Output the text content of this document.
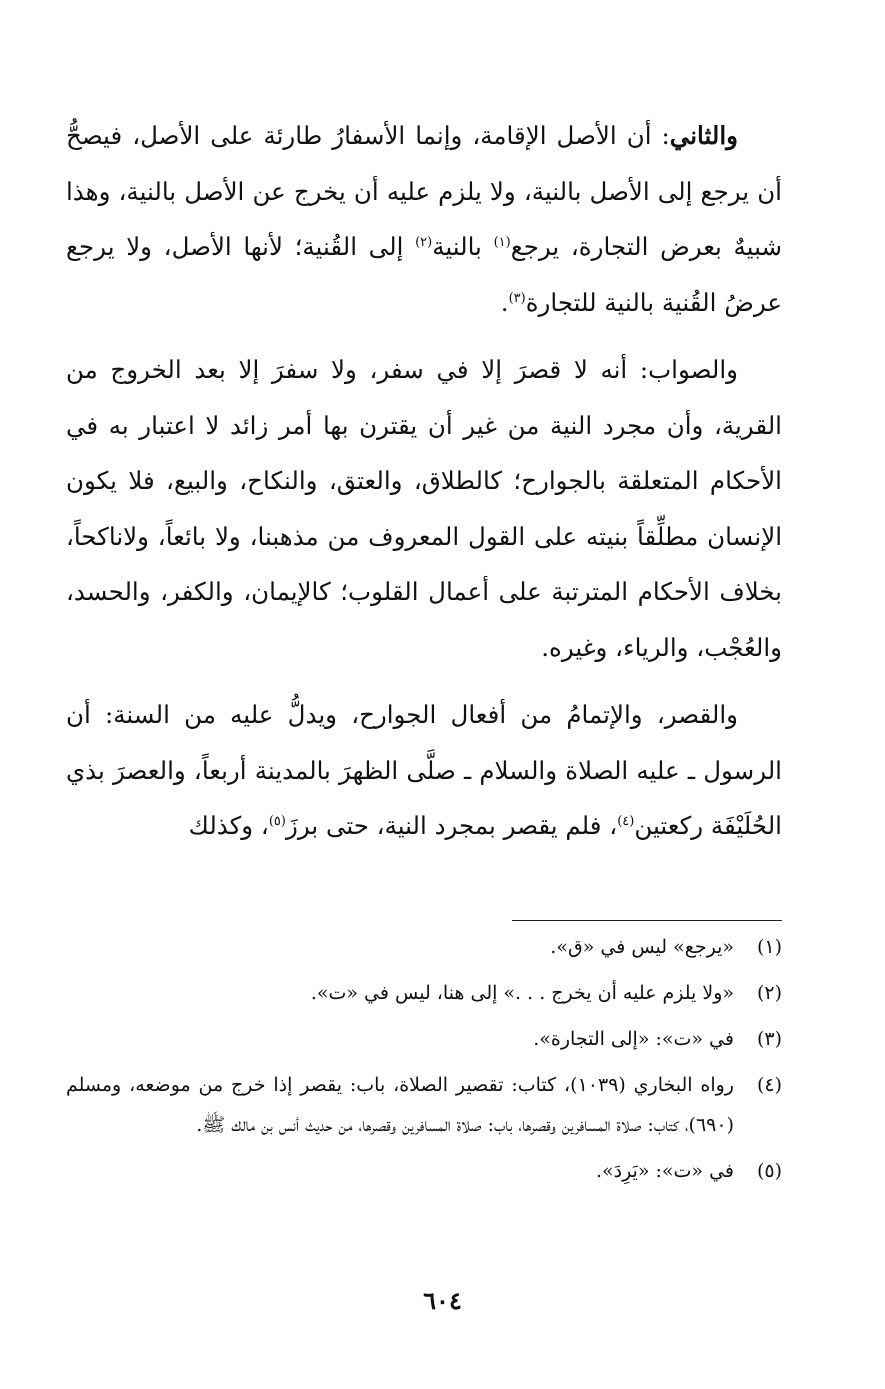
والثاني: أن الأصل الإقامة، وإنما الأسفارُ طارئة على الأصل، فيصحُّ أن يرجع إلى الأصل بالنية، ولا يلزم عليه أن يخرج عن الأصل بالنية، وهذا شبيهٌ بعرض التجارة، يرجع$^{(١)}$ بالنية$^{(٢)}$ إلى القُنية؛ لأنها الأصل، ولا يرجع عرضُ القُنية بالنية للتجارة$^{(٣)}$.

والصواب: أنه لا قصرَ إلا في سفر، ولا سفرَ إلا بعد الخروج من القرية، وأن مجرد النية من غير أن يقترن بها أمر زائد لا اعتبار به في الأحكام المتعلقة بالجوارح؛ كالطلاق، والعتق، والنكاح، والبيع، فلا يكون الإنسان مطلِّقاً بنيته على القول المعروف من مذهبنا، ولا بائعاً، ولاناكحاً، بخلاف الأحكام المترتبة على أعمال القلوب؛ كالإيمان، والكفر، والحسد، والعُجْب، والرياء، وغيره.

والقصر، والإتمامُ من أفعال الجوارح، ويدلُّ عليه من السنة: أن الرسول ـ عليه الصلاة والسلام ـ صلَّى الظهرَ بالمدينة أربعاً، والعصرَ بذي الحُلَيْفَة ركعتين$^{(٤)}$، فلم يقصر بمجرد النية، حتى برزَ$^{(٥)}$، وكذلك

(١)
«يرجع» ليس في «ق».
(٢)
«ولا يلزم عليه أن يخرج . . .» إلى هنا، ليس في «ت».
(٣)
في «ت»: «إلى التجارة».
(٤)
رواه البخاري (١٠٣٩)، كتاب: تقصير الصلاة، باب: يقصر إذا خرج من موضعه، ومسلم (٦٩٠)، كتاب: صلاة المسافرين وقصرها، باب: صلاة المسافرين وقصرها، من حديث أنس بن مالك ﷺ.
(٥)
في «ت»: «يَرِدَ».
٦٠٤
